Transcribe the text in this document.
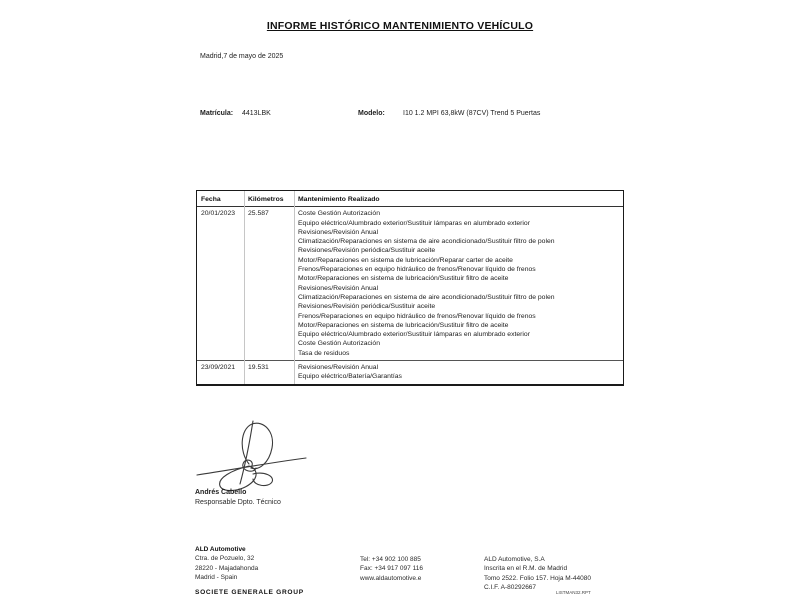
INFORME HISTÓRICO MANTENIMIENTO VEHÍCULO
Madrid,7 de mayo de 2025
Matrícula: 4413LBK	Modelo:	I10 1.2 MPI 63,8kW (87CV) Trend 5 Puertas
Fecha	Kilómetros	Mantenimiento Realizado
20/01/2023	25.587	Coste Gestión Autorización
Equipo eléctrico/Alumbrado exterior/Sustituir lámparas en alumbrado exterior
Revisiones/Revisión Anual
Climatización/Reparaciones en sistema de aire acondicionado/Sustituir filtro de polen
Revisiones/Revisión periódica/Sustituir aceite
Motor/Reparaciones en sistema de lubricación/Reparar carter de aceite
Frenos/Reparaciones en equipo hidráulico de frenos/Renovar líquido de frenos
Motor/Reparaciones en sistema de lubricación/Sustituir filtro de aceite
Revisiones/Revisión Anual
Climatización/Reparaciones en sistema de aire acondicionado/Sustituir filtro de polen
Revisiones/Revisión periódica/Sustituir aceite
Frenos/Reparaciones en equipo hidráulico de frenos/Renovar líquido de frenos
Motor/Reparaciones en sistema de lubricación/Sustituir filtro de aceite
Equipo eléctrico/Alumbrado exterior/Sustituir lámparas en alumbrado exterior
Coste Gestión Autorización
Tasa de residuos
23/09/2021	19.531	Revisiones/Revisión Anual
Equipo eléctrico/Batería/Garantías
Andrés Cabello
Responsable Dpto. Técnico
ALD Automotive
Ctra. de Pozuelo, 32
28220 - Majadahonda
Madrid - Spain
SOCIETE GENERALE GROUP
Tel: +34 902 100 885
Fax: +34 917 097 116
www.aldautomotive.e
ALD Automotive, S.A
Inscrita en el R.M. de Madrid
Tomo 2522. Folio 157. Hoja M-44080
C.I.F. A-80292667
LISTMAN32.RPT
